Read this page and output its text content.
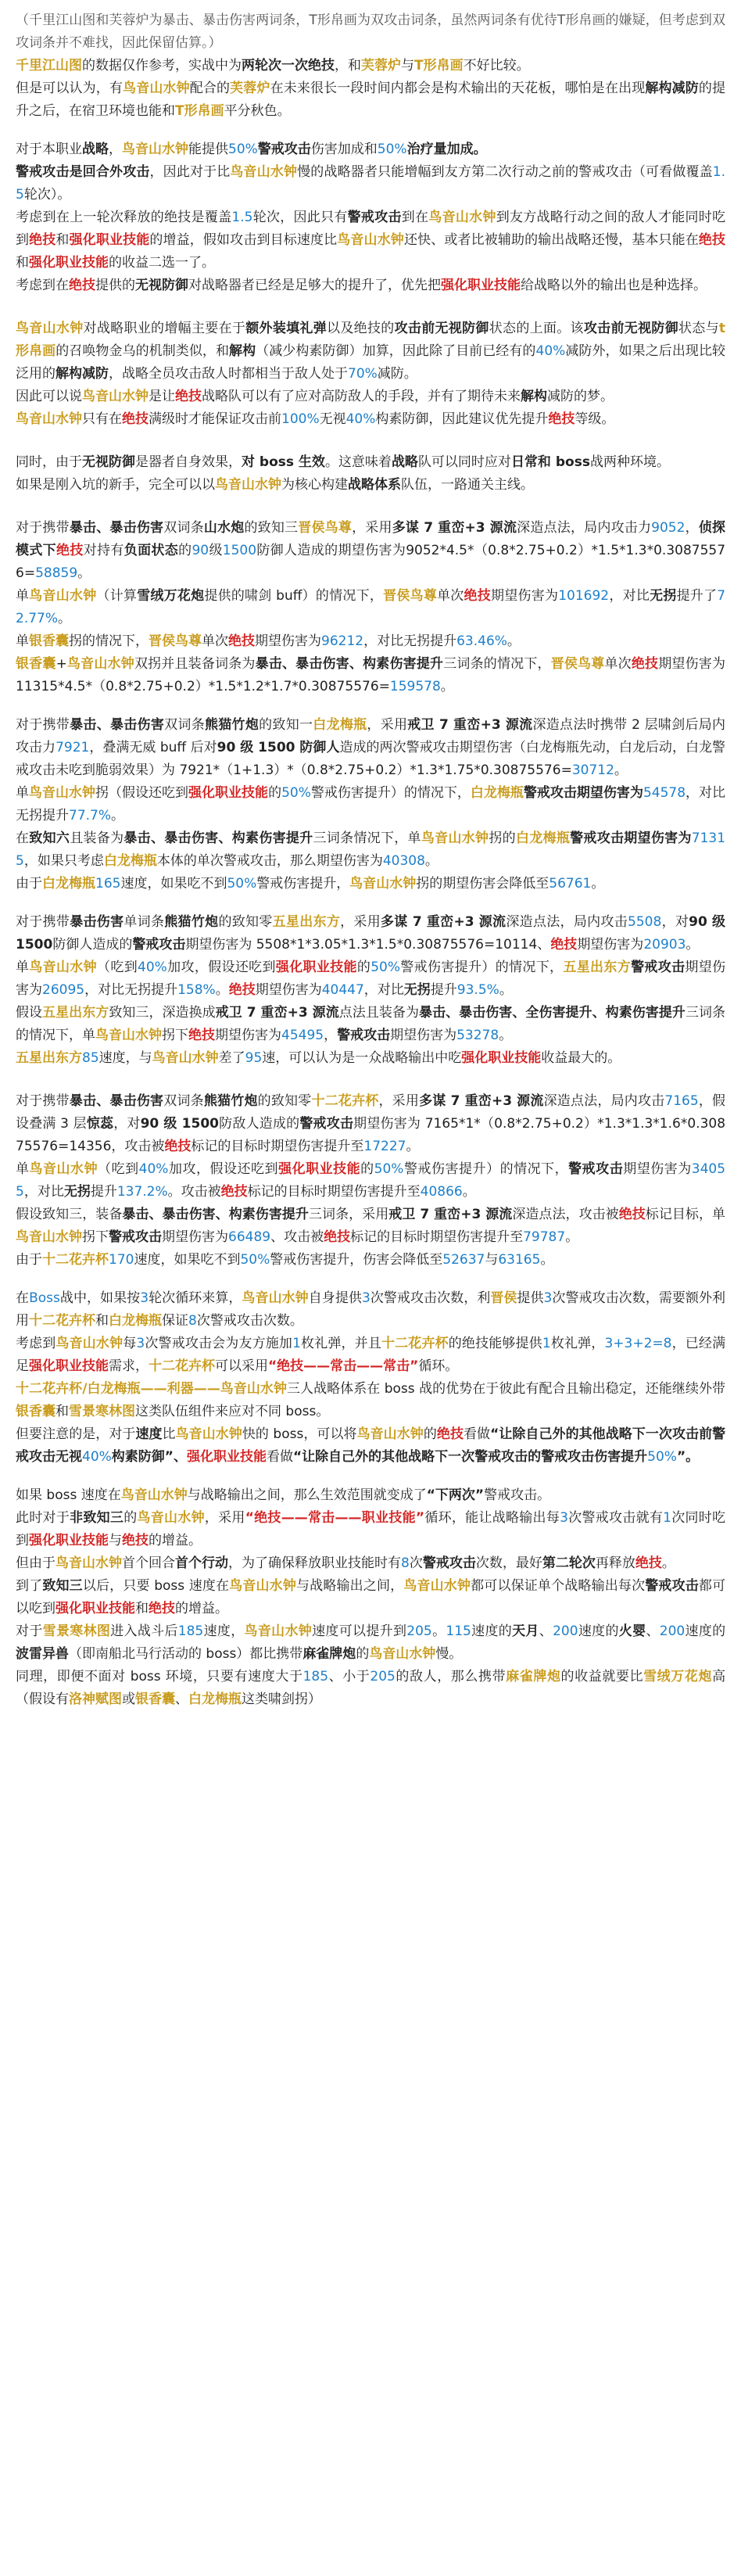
（千里江山图和芙蓉炉为暴击、暴击伤害两词条，T形帛画为双攻击词条，虽然两词条有优待T形帛画的嫌疑，但考虑到双攻词条并不难找，因此保留估算。）

千里江山图的数据仅作参考，实战中为两轮次一次绝技，和芙蓉炉与T形帛画不好比较。

但是可以认为，有鸟音山水钟配合的芙蓉炉在未来很长一段时间内都会是构术输出的天花板，哪怕是在出现解构减防的提升之后，在宿卫环境也能和T形帛画平分秋色。

对于本职业战略，鸟音山水钟能提供50%警戒攻击伤害加成和50%治疗量加成。

警戒攻击是回合外攻击，因此对于比鸟音山水钟慢的战略器者只能增幅到友方第二次行动之前的警戒攻击（可看做覆盖1.5轮次）。

考虑到在上一轮次释放的绝技是覆盖1.5轮次，因此只有警戒攻击到在鸟音山水钟到友方战略行动之间的敌人才能同时吃到绝技和强化职业技能的增益，假如攻击到目标速度比鸟音山水钟还快、或者比被辅助的输出战略还慢，基本只能在绝技和强化职业技能的收益二选一了。

考虑到在绝技提供的无视防御对战略器者已经是足够大的提升了，优先把强化职业技能给战略以外的输出也是种选择。

鸟音山水钟对战略职业的增幅主要在于额外装填礼弹以及绝技的攻击前无视防御状态的上面。该攻击前无视防御状态与t形帛画的召唤物金乌的机制类似，和解构（减少构素防御）加算，因此除了目前已经有的40%减防外，如果之后出现比较泛用的解构减防，战略全员攻击敌人时都相当于敌人处于70%减防。

因此可以说鸟音山水钟是让绝技战略队可以有了应对高防敌人的手段，并有了期待未来解构减防的梦。

鸟音山水钟只有在绝技满级时才能保证攻击前100%无视40%构素防御，因此建议优先提升绝技等级。

同时，由于无视防御是器者自身效果，对 boss 生效。这意味着战略队可以同时应对日常和 boss战两种环境。

如果是刚入坑的新手，完全可以以鸟音山水钟为核心构建战略体系队伍，一路通关主线。

对于携带暴击、暴击伤害双词条山水炮的致知三晋侯鸟尊，采用多谋 7 重峦+3 源流深造点法，局内攻击力9052，侦探模式下绝技对持有负面状态的90级1500防御人造成的期望伤害为9052*4.5*（0.8*2.75+0.2）*1.5*1.3*0.30875576=58859。

单鸟音山水钟（计算雪绒万花炮提供的啸剑 buff）的情况下，晋侯鸟尊单次绝技期望伤害为101692，对比无拐提升了72.77%。

单银香囊拐的情况下，晋侯鸟尊单次绝技期望伤害为96212，对比无拐提升63.46%。

银香囊+鸟音山水钟双拐并且装备词条为暴击、暴击伤害、构素伤害提升三词条的情况下，晋侯鸟尊单次绝技期望伤害为11315*4.5*（0.8*2.75+0.2）*1.5*1.2*1.7*0.30875576=159578。

对于携带暴击、暴击伤害双词条熊猫竹炮的致知一白龙梅瓶，采用戒卫 7 重峦+3 源流深造点法时携带 2 层啸剑后局内攻击力7921，叠满无威 buff 后对90 级 1500 防御人造成的两次警戒攻击期望伤害（白龙梅瓶先动，白龙后动，白龙警戒攻击未吃到脆弱效果）为 7921*（1+1.3）*（0.8*2.75+0.2）*1.3*1.75*0.30875576=30712。

单鸟音山水钟拐（假设还吃到强化职业技能的50%警戒伤害提升）的情况下，白龙梅瓶警戒攻击期望伤害为54578，对比无拐提升77.7%。

在致知六且装备为暴击、暴击伤害、构素伤害提升三词条情况下，单鸟音山水钟拐的白龙梅瓶警戒攻击期望伤害为71315，如果只考虑白龙梅瓶本体的单次警戒攻击，那么期望伤害为40308。

由于白龙梅瓶165速度，如果吃不到50%警戒伤害提升，鸟音山水钟拐的期望伤害会降低至56761。

对于携带暴击伤害单词条熊猫竹炮的致知零五星出东方，采用多谋 7 重峦+3 源流深造点法，局内攻击5508，对90 级 1500防御人造成的警戒攻击期望伤害为 5508*1*3.05*1.3*1.5*0.30875576=10114、绝技期望伤害为20903。

单鸟音山水钟（吃到40%加攻，假设还吃到强化职业技能的50%警戒伤害提升）的情况下，五星出东方警戒攻击期望伤害为26095，对比无拐提升158%。绝技期望伤害为40447，对比无拐提升93.5%。

假设五星出东方致知三，深造换成戒卫 7 重峦+3 源流点法且装备为暴击、暴击伤害、全伤害提升、构素伤害提升三词条的情况下，单鸟音山水钟拐下绝技期望伤害为45495，警戒攻击期望伤害为53278。

五星出东方85速度，与鸟音山水钟差了95速，可以认为是一众战略输出中吃强化职业技能收益最大的。

对于携带暴击、暴击伤害双词条熊猫竹炮的致知零十二花卉杯，采用多谋 7 重峦+3 源流深造点法，局内攻击7165，假设叠满 3 层惊蕊，对90 级 1500防敌人造成的警戒攻击期望伤害为 7165*1*（0.8*2.75+0.2）*1.3*1.3*1.6*0.30875576=14356，攻击被绝技标记的目标时期望伤害提升至17227。

单鸟音山水钟（吃到40%加攻，假设还吃到强化职业技能的50%警戒伤害提升）的情况下，警戒攻击期望伤害为34055，对比无拐提升137.2%。攻击被绝技标记的目标时期望伤害提升至40866。

假设致知三，装备暴击、暴击伤害、构素伤害提升三词条，采用戒卫 7 重峦+3 源流深造点法，攻击被绝技标记目标，单鸟音山水钟拐下警戒攻击期望伤害为66489、攻击被绝技标记的目标时期望伤害提升至79787。

由于十二花卉杯170速度，如果吃不到50%警戒伤害提升，伤害会降低至52637与63165。

在Boss战中，如果按3轮次循环来算，鸟音山水钟自身提供3次警戒攻击次数，利晋侯提供3次警戒攻击次数，需要额外利用十二花卉杯和白龙梅瓶保证8次警戒攻击次数。

考虑到鸟音山水钟每3次警戒攻击会为友方施加1枚礼弹，并且十二花卉杯的绝技能够提供1枚礼弹，3+3+2=8，已经满足强化职业技能需求，十二花卉杯可以采用“绝技——常击——常击”循环。

十二花卉杯/白龙梅瓶——利器——鸟音山水钟三人战略体系在 boss 战的优势在于彼此有配合且输出稳定，还能继续外带银香囊和雪景寒林图这类队伍组件来应对不同 boss。

但要注意的是，对于速度比鸟音山水钟快的 boss，可以将鸟音山水钟的绝技看做“让除自己外的其他战略下一次攻击前警戒攻击无视40%构素防御”、强化职业技能看做“让除自己外的其他战略下一次警戒攻击的警戒攻击伤害提升50%”。

如果 boss 速度在鸟音山水钟与战略输出之间，那么生效范围就变成了“下两次”警戒攻击。

此时对于非致知三的鸟音山水钟，采用“绝技——常击——职业技能”循环，能让战略输出每3次警戒攻击就有1次同时吃到强化职业技能与绝技的增益。

但由于鸟音山水钟首个回合首个行动，为了确保释放职业技能时有8次警戒攻击次数，最好第二轮次再释放绝技。

到了致知三以后，只要 boss 速度在鸟音山水钟与战略输出之间，鸟音山水钟都可以保证单个战略输出每次警戒攻击都可以吃到强化职业技能和绝技的增益。

对于雪景寒林图进入战斗后185速度，鸟音山水钟速度可以提升到205。115速度的天月、200速度的火婴、200速度的波雷异兽（即南船北马行活动的 boss）都比携带麻雀牌炮的鸟音山水钟慢。

同理，即便不面对 boss 环境，只要有速度大于185、小于205的敌人，那么携带麻雀牌炮的收益就要比雪绒万花炮高（假设有洛神赋图或银香囊、白龙梅瓶这类啸剑拐）
